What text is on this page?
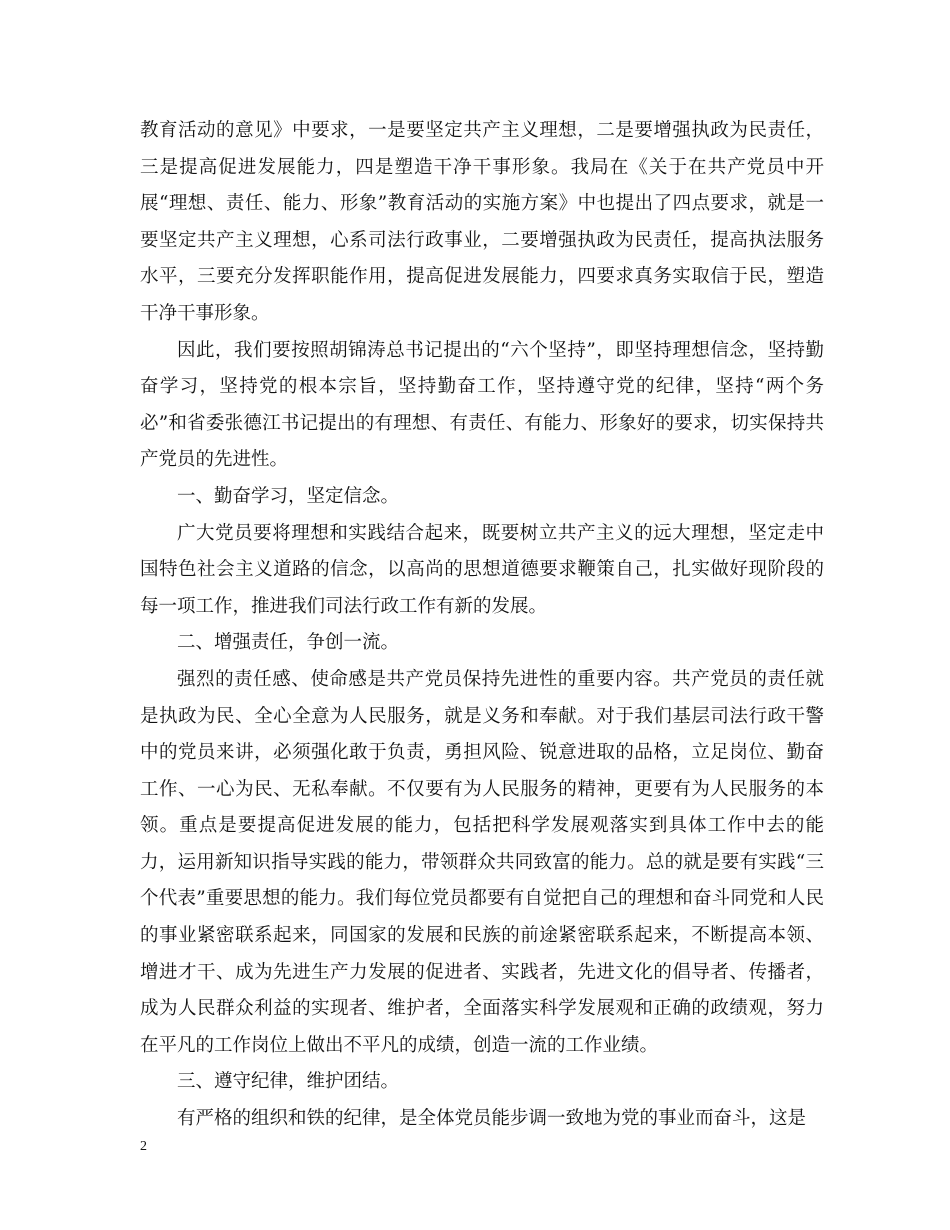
教育活动的意见》中要求，一是要坚定共产主义理想，二是要增强执政为民责任，三是提高促进发展能力，四是塑造干净干事形象。我局在《关于在共产党员中开展“理想、责任、能力、形象”教育活动的实施方案》中也提出了四点要求，就是一要坚定共产主义理想，心系司法行政事业，二要增强执政为民责任，提高执法服务水平，三要充分发挥职能作用，提高促进发展能力，四要求真务实取信于民，塑造干净干事形象。

因此，我们要按照胡锦涛总书记提出的“六个坚持”，即坚持理想信念，坚持勤奋学习，坚持党的根本宗旨，坚持勤奋工作，坚持遵守党的纪律，坚持“两个务必”和省委张德江书记提出的有理想、有责任、有能力、形象好的要求，切实保持共产党员的先进性。

一、勤奋学习，坚定信念。

广大党员要将理想和实践结合起来，既要树立共产主义的远大理想，坚定走中国特色社会主义道路的信念，以高尚的思想道德要求鞭策自己，扎实做好现阶段的每一项工作，推进我们司法行政工作有新的发展。

二、增强责任，争创一流。

强烈的责任感、使命感是共产党员保持先进性的重要内容。共产党员的责任就是执政为民、全心全意为人民服务，就是义务和奉献。对于我们基层司法行政干警中的党员来讲，必须强化敢于负责，勇担风险、锐意进取的品格，立足岗位、勤奋工作、一心为民、无私奉献。不仅要有为人民服务的精神，更要有为人民服务的本领。重点是要提高促进发展的能力，包括把科学发展观落实到具体工作中去的能力，运用新知识指导实践的能力，带领群众共同致富的能力。总的就是要有实践“三个代表”重要思想的能力。我们每位党员都要有自觉把自己的理想和奋斗同党和人民的事业紧密联系起来，同国家的发展和民族的前途紧密联系起来，不断提高本领、增进才干、成为先进生产力发展的促进者、实践者，先进文化的倡导者、传播者，成为人民群众利益的实现者、维护者，全面落实科学发展观和正确的政绩观，努力在平凡的工作岗位上做出不平凡的成绩，创造一流的工作业绩。

三、遵守纪律，维护团结。

有严格的组织和铁的纪律，是全体党员能步调一致地为党的事业而奋斗，这是

2
